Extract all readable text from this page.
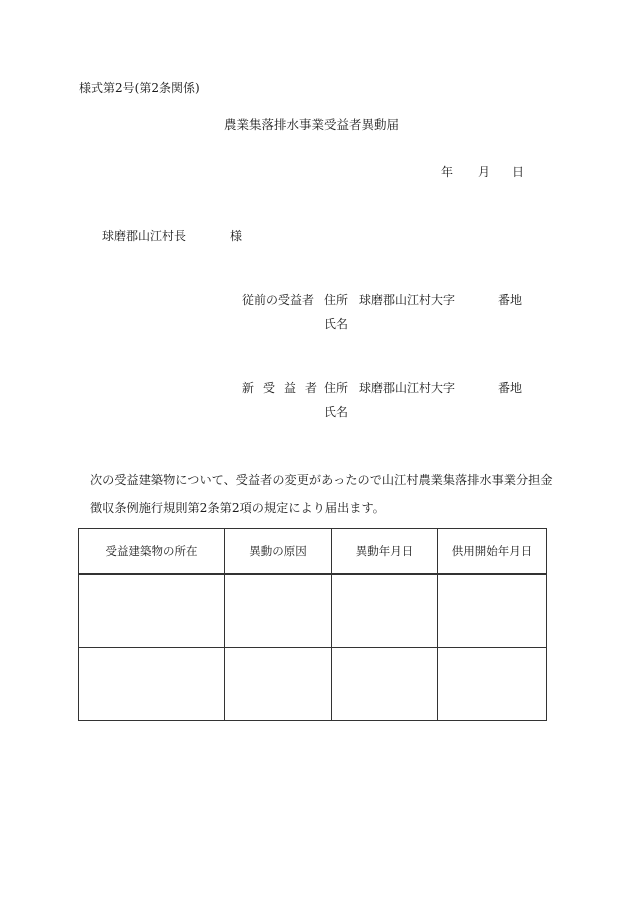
様式第2号(第2条関係)
農業集落排水事業受益者異動届
年 月 日
球磨郡山江村長	様
従前の受益者 住所 球磨郡山江村大字	番地
氏名
新受益者
住所 球磨郡山江村大字	番地
氏名
次の受益建築物について、受益者の変更があったので山江村農業集落排水事業分担金
徴収条例施行規則第2条第2項の規定により届出ます。
受益建築物の所在	異動の原因	異動年月日	供用開始年月日
